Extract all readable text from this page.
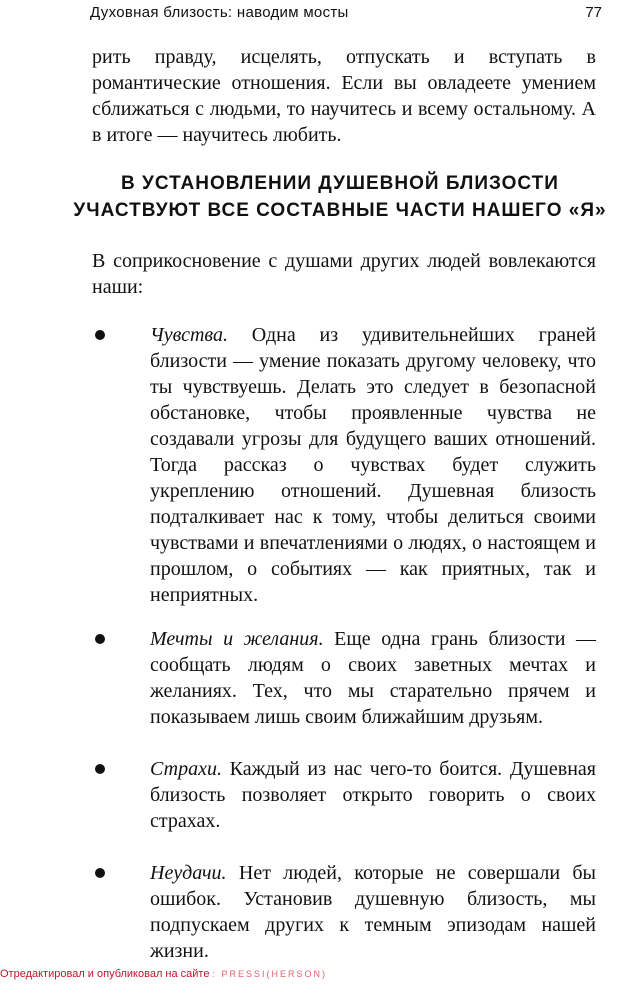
Духовная близость: наводим мосты	77
рить правду, исцелять, отпускать и вступать в романтические отношения. Если вы овладеете умением сближаться с людьми, то научитесь и всему остальному. А в итоге — научитесь любить.
В УСТАНОВЛЕНИИ ДУШЕВНОЙ БЛИЗОСТИ
УЧАСТВУЮТ ВСЕ СОСТАВНЫЕ ЧАСТИ НАШЕГО «Я»
В соприкосновение с душами других людей вовлекаются наши:
Чувства. Одна из удивительнейших граней близости — умение показать другому человеку, что ты чувствуешь. Делать это следует в безопасной обстановке, чтобы проявленные чувства не создавали угрозы для будущего ваших отношений. Тогда рассказ о чувствах будет служить укреплению отношений. Душевная близость подталкивает нас к тому, чтобы делиться своими чувствами и впечатлениями о людях, о настоящем и прошлом, о событиях — как приятных, так и неприятных.
Мечты и желания. Еще одна грань близости — сообщать людям о своих заветных мечтах и желаниях. Тех, что мы старательно прячем и показываем лишь своим ближайшим друзьям.
Страхи. Каждый из нас чего-то боится. Душевная близость позволяет открыто говорить о своих страхах.
Неудачи. Нет людей, которые не совершали бы ошибок. Установив душевную близость, мы подпускаем других к темным эпизодам нашей жизни.
Отредактировал и опубликовал на сайте : PRESSI(HERSON)
